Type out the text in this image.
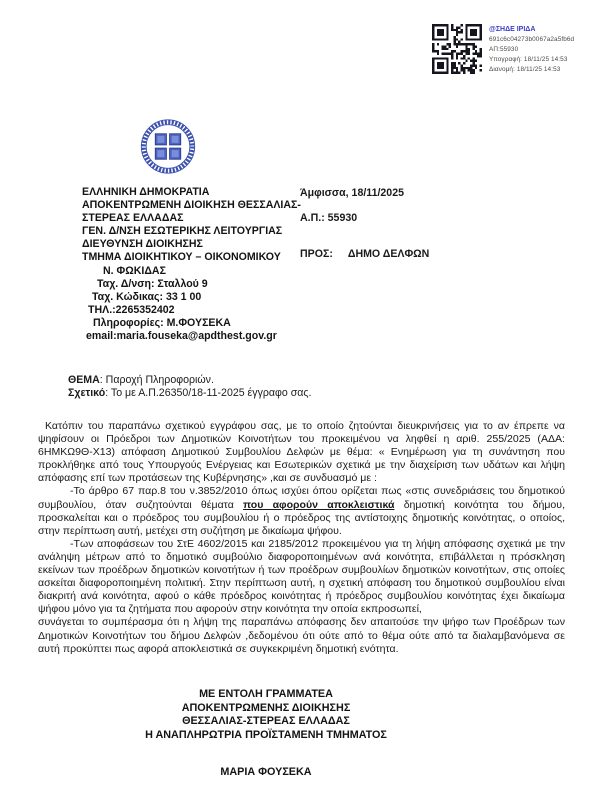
@ΣΗΔΕ ΙΡΙΔΑ
691c6c04273b0067a2a5fb6d
ΑΠ:55930
Υπογραφή: 18/11/25 14:53
Διανομή: 18/11/25 14:53
ΕΛΛΗΝΙΚΗ ΔΗΜΟΚΡΑΤΙΑ
ΑΠΟΚΕΝΤΡΩΜΕΝΗ ΔΙΟΙΚΗΣΗ ΘΕΣΣΑΛΙΑΣ-
ΣΤΕΡΕΑΣ ΕΛΛΑΔΑΣ
ΓΕΝ. Δ/ΝΣΗ ΕΣΩΤΕΡΙΚΗΣ ΛΕΙΤΟΥΡΓΙΑΣ
ΔΙΕΥΘΥΝΣΗ ΔΙΟΙΚΗΣΗΣ
ΤΜΗΜΑ ΔΙΟΙΚΗΤΙΚΟΥ – ΟΙΚΟΝΟΜΙΚΟΥ
Ν. ΦΩΚΙΔΑΣ
Ταχ. Δ/νση: Σταλλού 9
Ταχ. Κώδικας: 33 1 00
ΤΗΛ.:2265352402
Πληροφορίες: Μ.ΦΟΥΣΕΚΑ
email:maria.fouseka@apdthest.gov.gr
Άμφισσα, 18/11/2025
Α.Π.: 55930
ΠΡΟΣ: ΔΗΜΟ ΔΕΛΦΩΝ
ΘΕΜΑ: Παροχή Πληροφοριών.
Σχετικό: Το με Α.Π.26350/18-11-2025 έγγραφο σας.

Κατόπιν του παραπάνω σχετικού εγγράφου σας, με το οποίο ζητούνται διευκρινήσεις για το αν έπρεπε να ψηφίσουν οι Πρόεδροι των Δημοτικών Κοινοτήτων του προκειμένου να ληφθεί η αριθ. 255/2025 (ΑΔΑ: 6ΗΜΚΩ9Θ-Χ13) απόφαση Δημοτικού Συμβουλίου Δελφών με θέμα: « Ενημέρωση για τη συνάντηση που προκλήθηκε από τους Υπουργούς Ενέργειας και Εσωτερικών σχετικά με την διαχείριση των υδάτων και λήψη απόφασης επί των προτάσεων της Κυβέρνησης» ,και σε συνδυασμό με :

-Το άρθρο 67 παρ.8 του ν.3852/2010 όπως ισχύει όπου ορίζεται πως «στις συνεδριάσεις του δημοτικού συμβουλίου, όταν συζητούνται θέματα που αφορούν αποκλειστικά δημοτική κοινότητα του δήμου, προσκαλείται και ο πρόεδρος του συμβουλίου ή ο πρόεδρος της αντίστοιχης δημοτικής κοινότητας, ο οποίος, στην περίπτωση αυτή, μετέχει στη συζήτηση με δικαίωμα ψήφου.

-Των αποφάσεων του ΣτΕ 4602/2015 και 2185/2012 προκειμένου για τη λήψη απόφασης σχετικά με την ανάληψη μέτρων από το δημοτικό συμβούλιο διαφοροποιημένων ανά κοινότητα, επιβάλλεται η πρόσκληση εκείνων των προέδρων δημοτικών κοινοτήτων ή των προέδρων συμβουλίων δημοτικών κοινοτήτων, στις οποίες ασκείται διαφοροποιημένη πολιτική. Στην περίπτωση αυτή, η σχετική απόφαση του δημοτικού συμβουλίου είναι διακριτή ανά κοινότητα, αφού ο κάθε πρόεδρος κοινότητας ή πρόεδρος συμβουλίου κοινότητας έχει δικαίωμα ψήφου μόνο για τα ζητήματα που αφορούν στην κοινότητα την οποία εκπροσωπεί,

συνάγεται το συμπέρασμα ότι η λήψη της παραπάνω απόφασης δεν απαιτούσε την ψήφο των Προέδρων των Δημοτικών Κοινοτήτων του δήμου Δελφών ,δεδομένου ότι ούτε από το θέμα ούτε από τα διαλαμβανόμενα σε αυτή προκύπτει πως αφορά αποκλειστικά σε συγκεκριμένη δημοτική ενότητα.

ΜΕ ΕΝΤΟΛΗ ΓΡΑΜΜΑΤΕΑ
ΑΠΟΚΕΝΤΡΩΜΕΝΗΣ ΔΙΟΙΚΗΣΗΣ
ΘΕΣΣΑΛΙΑΣ-ΣΤΕΡΕΑΣ ΕΛΛΑΔΑΣ
Η ΑΝΑΠΛΗΡΩΤΡΙΑ ΠΡΟΪΣΤΑΜΕΝΗ ΤΜΗΜΑΤΟΣ
ΜΑΡΙΑ ΦΟΥΣΕΚΑ
